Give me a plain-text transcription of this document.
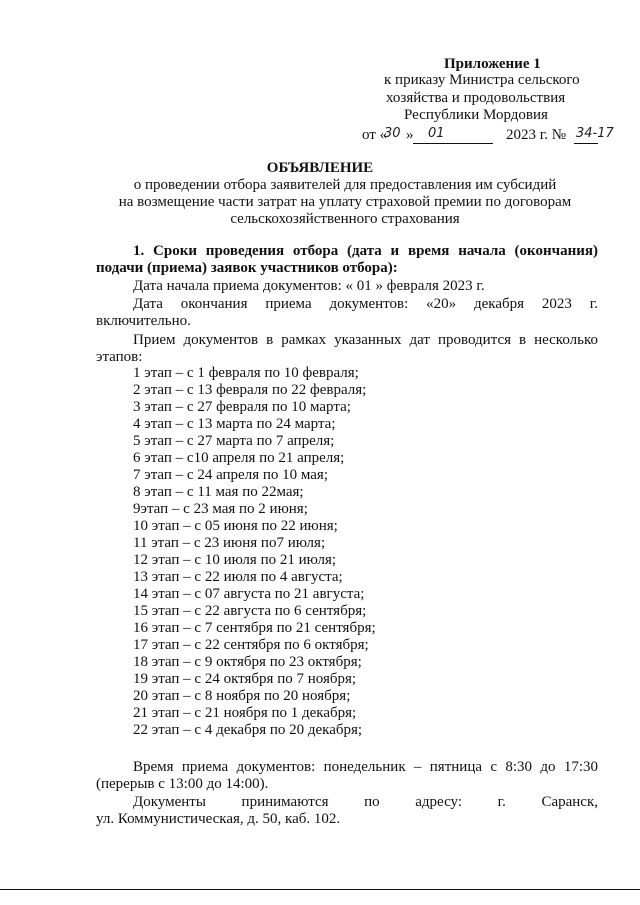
Приложение 1
к приказу Министра сельского
хозяйства и продовольствия
Республики Мордовия
от «
30 » 01	2023 г. № 34-17
ОБЪЯВЛЕНИЕ
о проведении отбора заявителей для предоставления им субсидий
на возмещение части затрат на уплату страховой премии по договорам
сельскохозяйственного страхования
1. Сроки проведения отбора (дата и время начала (окончания)
подачи (приема) заявок участников отбора):
Дата начала приема документов: « 01 » февраля 2023 г.
Дата окончания приема документов: «20» декабря 2023 г.
включительно.
Прием документов в рамках указанных дат проводится в несколько
этапов:
1 этап – с 1 февраля по 10 февраля;
2 этап – с 13 февраля по 22 февраля;
3 этап – с 27 февраля по 10 марта;
4 этап – с 13 марта по 24 марта;
5 этап – с 27 марта по 7 апреля;
6 этап – с10 апреля по 21 апреля;
7 этап – с 24 апреля по 10 мая;
8 этап – с 11 мая по 22мая;
9этап – с 23 мая по 2 июня;
10 этап – с 05 июня по 22 июня;
11 этап – с 23 июня по7 июля;
12 этап – с 10 июля по 21 июля;
13 этап – с 22 июля по 4 августа;
14 этап – с 07 августа по 21 августа;
15 этап – с 22 августа по 6 сентября;
16 этап – с 7 сентября по 21 сентября;
17 этап – с 22 сентября по 6 октября;
18 этап – с 9 октября по 23 октября;
19 этап – с 24 октября по 7 ноября;
20 этап – с 8 ноября по 20 ноября;
21 этап – с 21 ноября по 1 декабря;
22 этап – с 4 декабря по 20 декабря;
Время приема документов: понедельник – пятница с 8:30 до 17:30
(перерыв с 13:00 до 14:00).
Документы принимаются по адресу: г. Саранск,
ул. Коммунистическая, д. 50, каб. 102.
